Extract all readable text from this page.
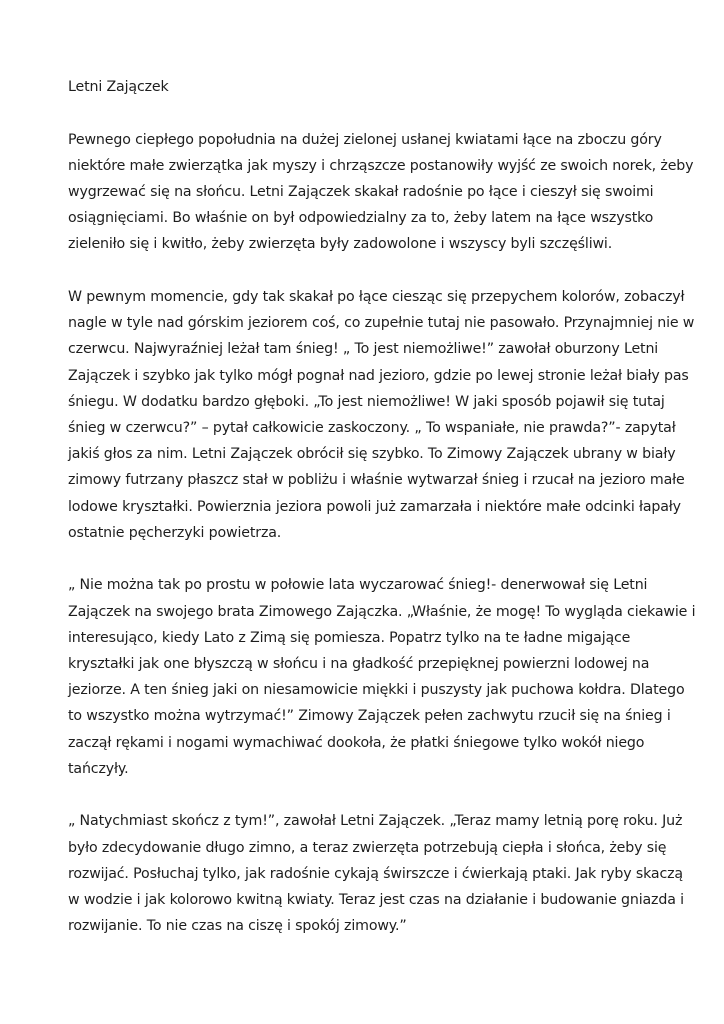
Letni Zajączek
Pewnego ciepłego popołudnia na dużej zielonej usłanej kwiatami łące na zboczu góry
niektóre małe zwierzątka jak myszy i chrząszcze postanowiły wyjść ze swoich norek, żeby
wygrzewać się na słońcu. Letni Zajączek skakał radośnie po łące i cieszył się swoimi
osiągnięciami. Bo właśnie on był odpowiedzialny za to, żeby latem na łące wszystko
zieleniło się i kwitło, żeby zwierzęta były zadowolone i wszyscy byli szczęśliwi.
W pewnym momencie, gdy tak skakał po łące ciesząc się przepychem kolorów, zobaczył
nagle w tyle nad górskim jeziorem coś, co zupełnie tutaj nie pasowało. Przynajmniej nie w
czerwcu. Najwyraźniej leżał tam śnieg! „ To jest niemożliwe!” zawołał oburzony Letni
Zajączek i szybko jak tylko mógł pognał nad jezioro, gdzie po lewej stronie leżał biały pas
śniegu. W dodatku bardzo głęboki. „To jest niemożliwe! W jaki sposób pojawił się tutaj
śnieg w czerwcu?” – pytał całkowicie zaskoczony. „ To wspaniałe, nie prawda?”- zapytał
jakiś głos za nim. Letni Zajączek obrócił się szybko. To Zimowy Zajączek ubrany w biały
zimowy futrzany płaszcz stał w pobliżu i właśnie wytwarzał śnieg i rzucał na jezioro małe
lodowe kryształki. Powierznia jeziora powoli już zamarzała i niektóre małe odcinki łapały
ostatnie pęcherzyki powietrza.
„ Nie można tak po prostu w połowie lata wyczarować śnieg!- denerwował się Letni
Zajączek na swojego brata Zimowego Zajączka. „Właśnie, że mogę! To wygląda ciekawie i
interesująco, kiedy Lato z Zimą się pomiesza. Popatrz tylko na te ładne migające
kryształki jak one błyszczą w słońcu i na gładkość przepięknej powierzni lodowej na
jeziorze. A ten śnieg jaki on niesamowicie miękki i puszysty jak puchowa kołdra. Dlatego
to wszystko można wytrzymać!” Zimowy Zajączek pełen zachwytu rzucił się na śnieg i
zaczął rękami i nogami wymachiwać dookoła, że płatki śniegowe tylko wokół niego
tańczyły.
„ Natychmiast skończ z tym!”, zawołał Letni Zajączek. „Teraz mamy letnią porę roku. Już
było zdecydowanie długo zimno, a teraz zwierzęta potrzebują ciepła i słońca, żeby się
rozwijać. Posłuchaj tylko, jak radośnie cykają świrszcze i ćwierkają ptaki. Jak ryby skaczą
w wodzie i jak kolorowo kwitną kwiaty. Teraz jest czas na działanie i budowanie gniazda i
rozwijanie. To nie czas na ciszę i spokój zimowy.”
